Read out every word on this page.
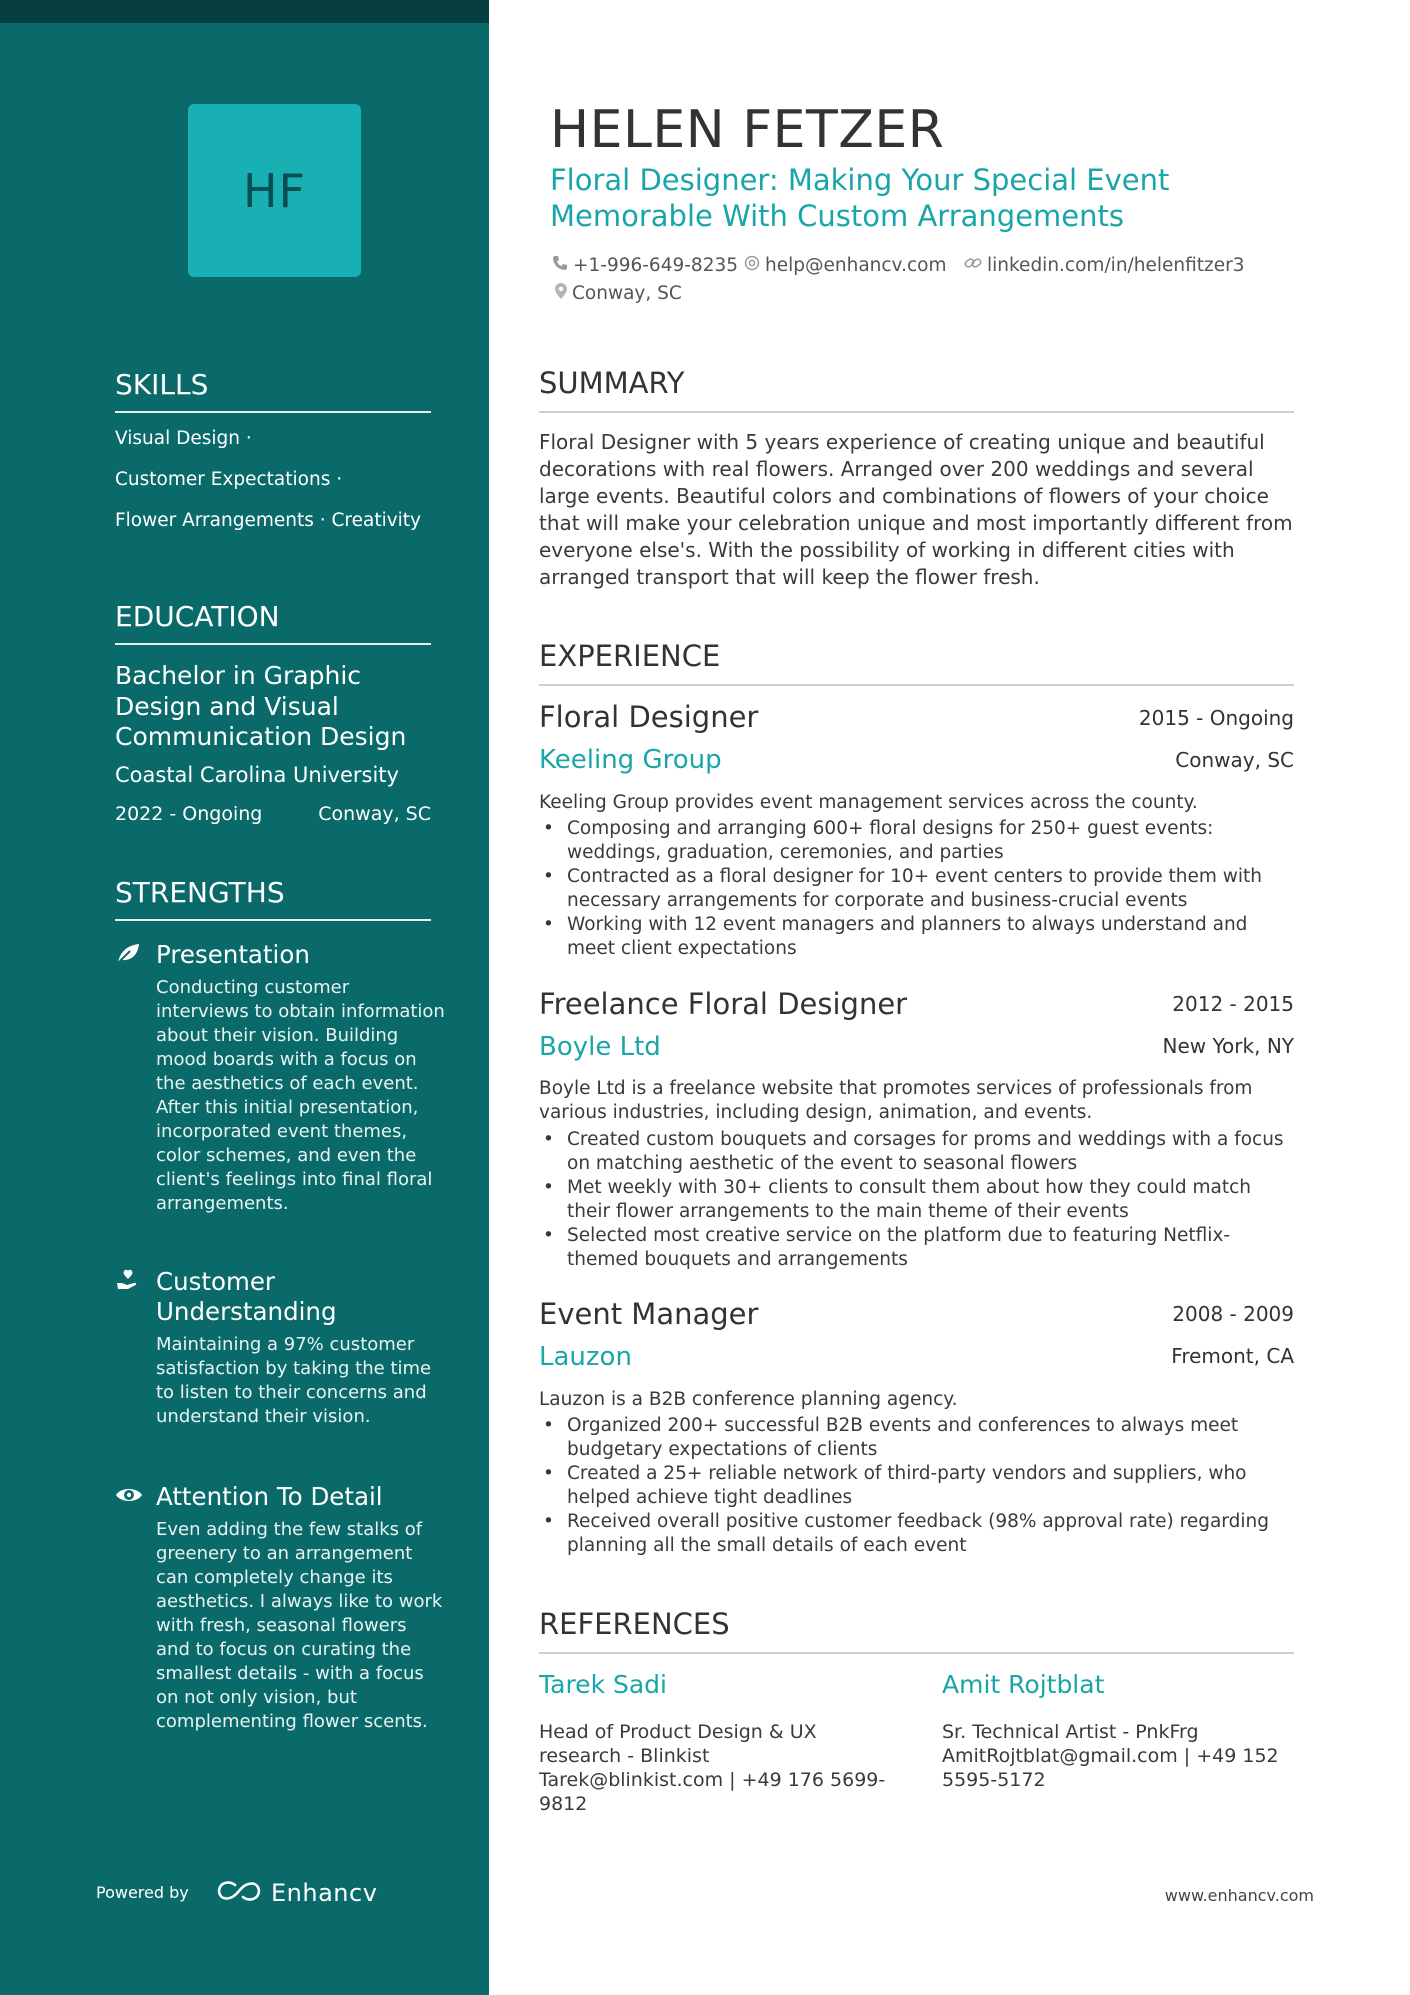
HF
SKILLS
Visual Design ·
Customer Expectations ·
Flower Arrangements · Creativity
EDUCATION
Bachelor in Graphic Design and Visual Communication Design
Coastal Carolina University
2022 - Ongoing	Conway, SC
STRENGTHS
Presentation
Conducting customer interviews to obtain information about their vision. Building mood boards with a focus on the aesthetics of each event. After this initial presentation, incorporated event themes, color schemes, and even the client's feelings into final floral arrangements.
Customer Understanding
Maintaining a 97% customer satisfaction by taking the time to listen to their concerns and understand their vision.
Attention To Detail
Even adding the few stalks of greenery to an arrangement can completely change its aesthetics. I always like to work with fresh, seasonal flowers and to focus on curating the smallest details - with a focus on not only vision, but complementing flower scents.
Powered by	Enhancv
HELEN FETZER
Floral Designer: Making Your Special Event Memorable With Custom Arrangements
+1-996-649-8235 help@enhancv.com linkedin.com/in/helenfitzer3
Conway, SC
SUMMARY
Floral Designer with 5 years experience of creating unique and beautiful decorations with real flowers. Arranged over 200 weddings and several large events. Beautiful colors and combinations of flowers of your choice that will make your celebration unique and most importantly different from everyone else's. With the possibility of working in different cities with arranged transport that will keep the flower fresh.
EXPERIENCE
Floral Designer	2015 - Ongoing
Keeling Group	Conway, SC
Keeling Group provides event management services across the county.
• Composing and arranging 600+ floral designs for 250+ guest events: weddings, graduation, ceremonies, and parties
• Contracted as a floral designer for 10+ event centers to provide them with necessary arrangements for corporate and business-crucial events
• Working with 12 event managers and planners to always understand and meet client expectations
Freelance Floral Designer	2012 - 2015
Boyle Ltd	New York, NY
Boyle Ltd is a freelance website that promotes services of professionals from various industries, including design, animation, and events.
• Created custom bouquets and corsages for proms and weddings with a focus on matching aesthetic of the event to seasonal flowers
• Met weekly with 30+ clients to consult them about how they could match their flower arrangements to the main theme of their events
• Selected most creative service on the platform due to featuring Netflix-themed bouquets and arrangements
Event Manager	2008 - 2009
Lauzon	Fremont, CA
Lauzon is a B2B conference planning agency.
• Organized 200+ successful B2B events and conferences to always meet budgetary expectations of clients
• Created a 25+ reliable network of third-party vendors and suppliers, who helped achieve tight deadlines
• Received overall positive customer feedback (98% approval rate) regarding planning all the small details of each event
REFERENCES
Tarek Sadi
Head of Product Design & UX research - Blinkist
Tarek@blinkist.com | +49 176 5699-9812
Amit Rojtblat
Sr. Technical Artist - PnkFrg
AmitRojtblat@gmail.com | +49 152 5595-5172
www.enhancv.com
